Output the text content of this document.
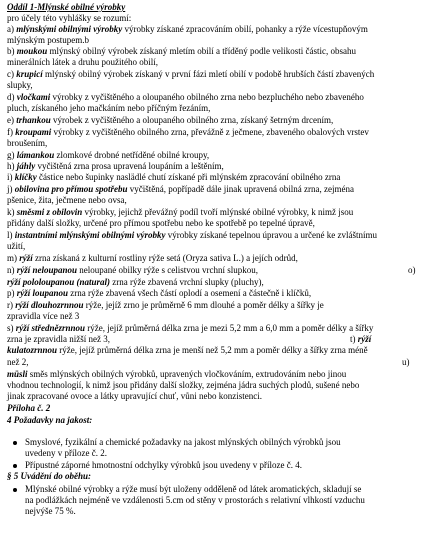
Oddíl 1-Mlýnské obilné výrobky
pro účely této vyhlášky se rozumí:
a) mlýnskými obilnými výrobky výrobky získané zpracováním obilí, pohanky a rýže vícestupňovým
mlýnským postupem.b
b) moukou mlýnský obilný výrobek získaný mletím obilí a tříděný podle velikosti částic, obsahu
minerálních látek a druhu použitého obilí,
c) krupicí mlýnský obilný výrobek získaný v první fázi mletí obilí v podobě hrubších částí zbavených
slupky,
d) vločkami výrobky z vyčištěného a oloupaného obilného zrna nebo bezpluchého nebo zbaveného
pluch, získaného jeho mačkáním nebo příčným řezáním,
e) trhankou výrobek z vyčištěného a oloupaného obilného zrna, získaný šetrným drcením,
f) kroupami výrobky z vyčištěného obilného zrna, převážně z ječmene, zbaveného obalových vrstev
broušením,
g) lámankou zlomkové drobné netříděné obilné kroupy,
h) jáhly vyčištěná zrna prosa upravená loupáním a leštěním,
i) klíčky částice nebo šupinky naslädlé chutí získané při mlýnském zpracování obilného zrna
j) obilovina pro přímou spotřebu vyčištěná, popřípadě dále jinak upravená obilná zrna, zejména
pšenice, žita, ječmene nebo ovsa,
k) směsmi z obilovin výrobky, jejichž převážný podíl tvoří mlýnské obilné výrobky, k nimž jsou
přidány další složky, určené pro přímou spotřebu nebo ke spotřebě po tepelné úpravě,
l) instantními mlýnskými obilnými výrobky výrobky získané tepelnou úpravou a určené ke zvláštnímu
užití,
m) rýží zrna získaná z kulturní rostliny rýže setá (Oryza sativa L.) a jejích odrůd,
n) rýží neloupanou neloupané obilky rýže s celistvou vrchní slupkou,	o)
rýží pololoupanou (natural) zrna rýže zbavená vrchní slupky (pluchy),
p) rýží loupanou zrna rýže zbavená všech částí oplodí a osemení a částečně i klíčků,
r) rýží dlouhozrnnou rýže, jejíž zrno je průměrně 6 mm dlouhé a poměr délky a šířky je
zpravidla více než 3
s) rýží střednězrnnou rýže, jejíž průměrná délka zrna je mezi 5,2 mm a 6,0 mm a poměr délky a šířky
zrna je zpravidla nižší než 3,	t) rýží
kulatozrnnou rýže, jejíž průměrná délka zrna je menší než 5,2 mm a poměr délky a šířky zrna méně
než 2,	u)
müsli směs mlýnských obilných výrobků, upravených vločkováním, extrudováním nebo jinou
vhodnou technologií, k nimž jsou přidány další složky, zejména jádra suchých plodů, sušené nebo
jinak zpracované ovoce a látky upravující chuť, vůni nebo konzistenci.
Příloha č. 2
4 Požadavky na jakost:
Smyslové, fyzikální a chemické požadavky na jakost mlýnských obilných výrobků jsou
uvedeny v příloze č. 2.
Přípustné záporné hmotnostní odchylky výrobků jsou uvedeny v příloze č. 4.
§ 5 Uvádění do oběhu:
Mlýnské obilné výrobky a rýže musí být uloženy odděleně od látek aromatických, skladují se
na podlážkách nejméně ve vzdálenosti 5.cm od stěny v prostorách s relativní vlhkostí vzduchu
nejvýše 75 %.
